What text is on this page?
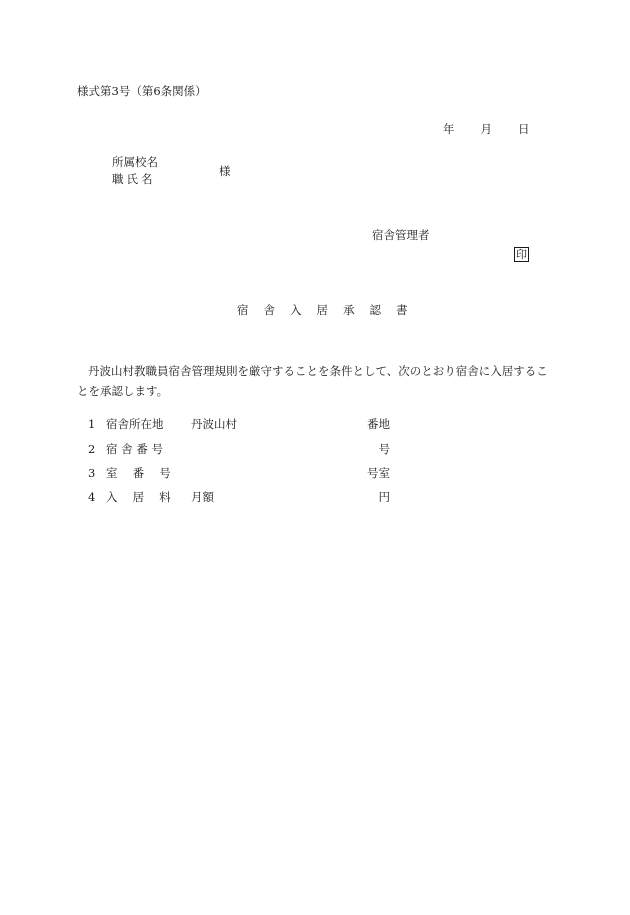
様式第3号（第6条関係）
年 月 日
所属校名
職氏名
様
宿舎管理者
印
宿 舎 入 居 承 認 書
丹波山村教職員宿舎管理規則を厳守することを条件として、次のとおり宿舎に入居することを承認します。
1 宿舎所在地 丹波山村	番地
2 宿 舎 番 号	号
3 室　 番　 号	号室
4 入　 居　 料 月額	円
